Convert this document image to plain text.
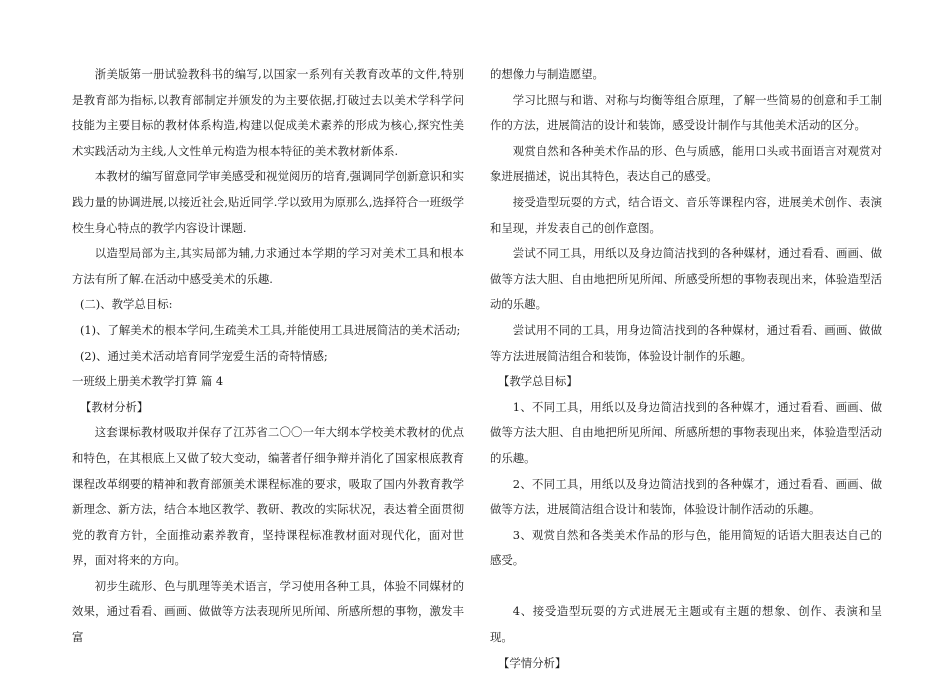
浙美版第一册试验教科书的编写,以国家一系列有关教育改革的文件,特别是教育部为指标,以教育部制定并颁发的为主要依据,打破过去以美术学科学问技能为主要目标的教材体系构造,构建以促成美术素养的形成为核心,探究性美术实践活动为主线,人文性单元构造为根本特征的美术教材新体系.

本教材的编写留意同学审美感受和视觉阅历的培育,强调同学创新意识和实践力量的协调进展,以接近社会,贴近同学.学以致用为原那么,选择符合一班级学校生身心特点的教学内容设计课题.

以造型局部为主,其实局部为辅,力求通过本学期的学习对美术工具和根本方法有所了解.在活动中感受美术的乐趣.

(二)、教学总目标:

(1)、了解美术的根本学问,生疏美术工具,并能使用工具进展简洁的美术活动;

(2)、通过美术活动培育同学宠爱生活的奇特情感;

一班级上册美术教学打算 篇 4

【教材分析】

这套课标教材吸取并保存了江苏省二〇〇一年大纲本学校美术教材的优点和特色，在其根底上又做了较大变动，编著者仔细争辩并消化了国家根底教育课程改革纲要的精神和教育部颁美术课程标准的要求，吸取了国内外教育教学新理念、新方法，结合本地区教学、教研、教改的实际状况，表达着全面贯彻党的教育方针，全面推动素养教育，坚持课程标准教材面对现代化，面对世界，面对将来的方向。

初步生疏形、色与肌理等美术语言，学习使用各种工具，体验不同媒材的效果，通过看看、画画、做做等方法表现所见所闻、所感所想的事物，激发丰富

的想像力与制造愿望。

学习比照与和谐、对称与均衡等组合原理，了解一些简易的创意和手工制作的方法，进展简洁的设计和装饰，感受设计制作与其他美术活动的区分。

观赏自然和各种美术作品的形、色与质感，能用口头或书面语言对观赏对象进展描述，说出其特色，表达自己的感受。

接受造型玩耍的方式，结合语文、音乐等课程内容，进展美术创作、表演和呈现，并发表自己的创作意图。

尝试不同工具，用纸以及身边简洁找到的各种媒材，通过看看、画画、做做等方法大胆、自由地把所见所闻、所感受所想的事物表现出来，体验造型活动的乐趣。

尝试用不同的工具，用身边简洁找到的各种媒材，通过看看、画画、做做等方法进展简洁组合和装饰，体验设计制作的乐趣。

【教学总目标】

1、不同工具，用纸以及身边简洁找到的各种媒才，通过看看、画画、做做等方法大胆、自由地把所见所闻、所感所想的事物表现出来，体验造型活动的乐趣。

2、不同工具，用纸以及身边简洁找到的各种媒才，通过看看、画画、做做等方法，进展简洁组合设计和装饰，体验设计制作活动的乐趣。

3、观赏自然和各类美术作品的形与色，能用简短的话语大胆表达自己的感受。

4、接受造型玩耍的方式进展无主题或有主题的想象、创作、表演和呈现。

【学情分析】
